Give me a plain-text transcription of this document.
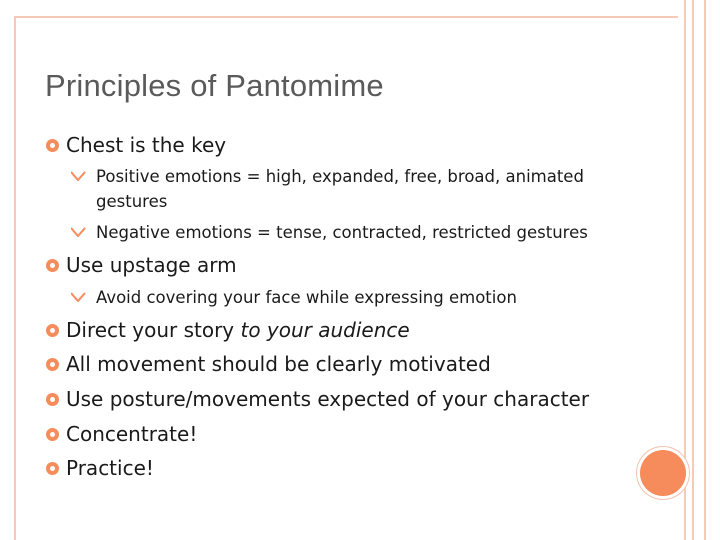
Principles of Pantomime
Chest is the key
Positive emotions = high, expanded, free, broad, animated
gestures
Negative emotions = tense, contracted, restricted gestures
Use upstage arm
Avoid covering your face while expressing emotion
Direct your story to your audience
All movement should be clearly motivated
Use posture/movements expected of your character
Concentrate!
Practice!
